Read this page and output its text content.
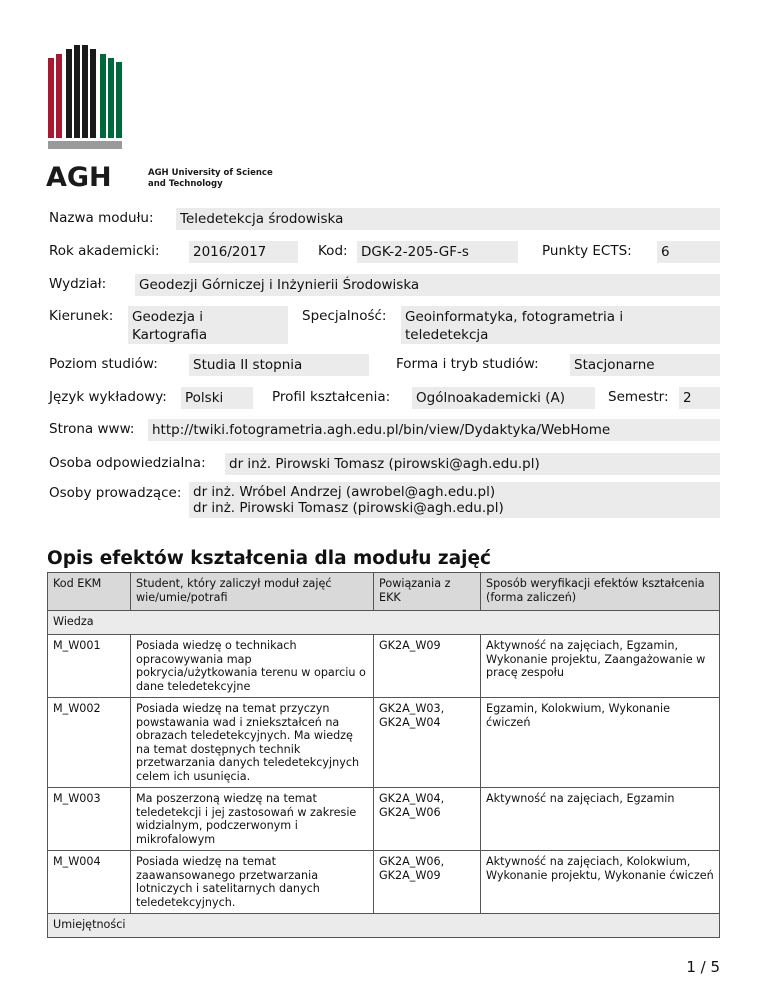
AGH	AGH University of Science
and Technology
Nazwa modułu: Teledetekcja środowiska
Rok akademicki: 2016/2017	Kod: DGK-2-205-GF-s	Punkty ECTS: 6
Wydział: Geodezji Górniczej i Inżynierii Środowiska
Kierunek: Geodezja i
Kartografia
Specjalność: Geoinformatyka, fotogrametria i
teledetekcja
Poziom studiów:	Studia II stopnia	Forma i tryb studiów:	Stacjonarne
Język wykładowy: Polski	Profil kształcenia: Ogólnoakademicki (A)	Semestr: 2
Strona www: http://twiki.fotogrametria.agh.edu.pl/bin/view/Dydaktyka/WebHome
Osoba odpowiedzialna: dr inż. Pirowski Tomasz (pirowski@agh.edu.pl)
Osoby prowadzące: dr inż. Wróbel Andrzej (awrobel@agh.edu.pl)
dr inż. Pirowski Tomasz (pirowski@agh.edu.pl)
Opis efektów kształcenia dla modułu zajęć
Kod EKM	Student, który zaliczył moduł zajęć wie/umie/potrafi	Powiązania z EKK	Sposób weryfikacji efektów kształcenia (forma zaliczeń)
Wiedza			
M_W001	Posiada wiedzę o technikach opracowywania map pokrycia/użytkowania terenu w oparciu o dane teledetekcyjne	GK2A_W09	Aktywność na zajęciach, Egzamin, Wykonanie projektu, Zaangażowanie w pracę zespołu
M_W002	Posiada wiedzę na temat przyczyn powstawania wad i zniekształceń na obrazach teledetekcyjnych. Ma wiedzę na temat dostępnych technik przetwarzania danych teledetekcyjnych celem ich usunięcia.	GK2A_W03, GK2A_W04	Egzamin, Kolokwium, Wykonanie ćwiczeń
M_W003	Ma poszerzoną wiedzę na temat teledetekcji i jej zastosowań w zakresie widzialnym, podczerwonym i mikrofalowym	GK2A_W04, GK2A_W06	Aktywność na zajęciach, Egzamin
M_W004	Posiada wiedzę na temat zaawansowanego przetwarzania lotniczych i satelitarnych danych teledetekcyjnych.	GK2A_W06, GK2A_W09	Aktywność na zajęciach, Kolokwium, Wykonanie projektu, Wykonanie ćwiczeń
Umiejętności			
1 / 5
